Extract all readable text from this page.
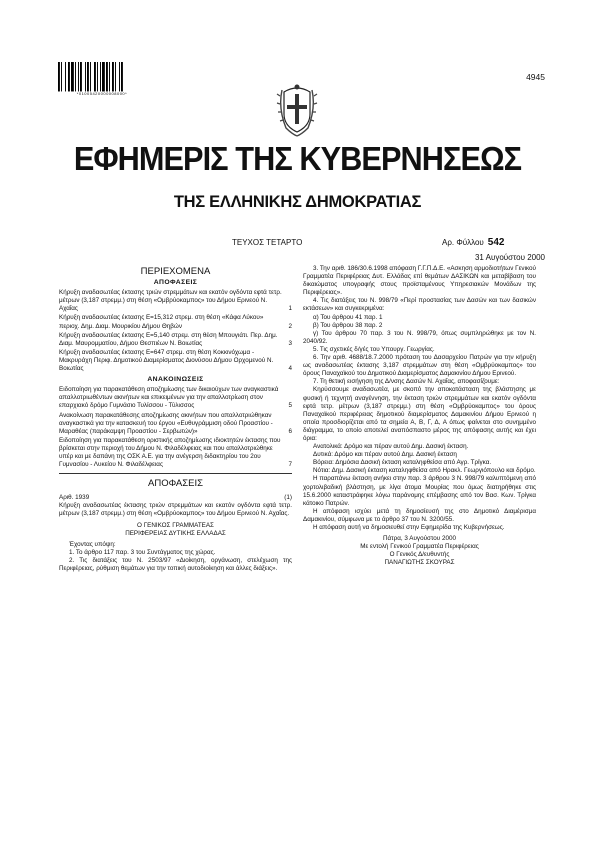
*01005420000008000*
4945
ΕΦΗΜΕΡΙΣ ΤΗΣ ΚΥΒΕΡΝΗΣΕΩΣ
ΤΗΣ ΕΛΛΗΝΙΚΗΣ ΔΗΜΟΚΡΑΤΙΑΣ
ΤΕΥΧΟΣ ΤΕΤΑΡΤΟ	Αρ. Φύλλου 542
31 Αυγούστου 2000
ΠΕΡΙΕΧΟΜΕΝΑ
ΑΠΟΦΑΣΕΙΣ
Κήρυξη αναδασωτέας έκτασης τριών στρεμμάτων και εκατόν ογδόντα εφτά τετρ. μέτρων (3,187 στρεμμ.) στη θέση «Ομβρύοκαμπος» του Δήμου Ερινεού Ν. Αχαΐας	1
Κήρυξη αναδασωτέας έκτασης Ε=15,312 στρεμ. στη θέση «Κάφα Λύκου» περιοχ. Δημ. Διαμ. Μουρικίου Δήμου Θηβών	2
Κήρυξη αναδασωτέας έκτασης Ε=5,140 στρεμ. στη θέση Μπουγιάτι. Περ. Δημ. Διαμ. Μαυρομματίου, Δήμου Θεσπιέων Ν. Βοιωτίας	3
Κήρυξη αναδασωτέας έκτασης Ε=647 στρεμ. στη θέση Κοκκινόχωμα - Μακρυράχη Περιφ. Δημοτικού Διαμερίσματος Διονύσου Δήμου Ορχομενού Ν. Βοιωτίας	4
ΑΝΑΚΟΙΝΩΣΕΙΣ
Ειδοποίηση για παρακατάθεση αποζημίωσης των δικαιούχων των αναγκαστικά απαλλοτριωθέντων ακινήτων και επικειμένων για την απαλλοτρίωση στον επαρχιακό δρόμο Γυμνάσιο Τυλίσσου - Τύλισσος	5
Ανακοίνωση παρακατάθεσης αποζημίωσης ακινήτων που απαλλοτριώθηκαν αναγκαστικά για την κατασκευή του έργου «Ευθυγράμμιση οδού Προαστίου - Μαραθέας (παράκαμψη Προαστίου - Σερβωτών)»	6
Ειδοποίηση για παρακατάθεση οριστικής αποζημίωσης ιδιοκτητών έκτασης που βρίσκεται στην περιοχή του Δήμου Ν. Φιλαδέλφειας και που απαλλοτριώθηκε υπέρ και με δαπάνη της ΟΣΚ Α.Ε. για την ανέγερση διδακτηρίου του 2ου Γυμνασίου - Λυκείου Ν. Φιλαδέλφειας	7
ΑΠΟΦΑΣΕΙΣ
Αριθ. 1939	(1)

Κήρυξη αναδασωτέας έκτασης τριών στρεμμάτων και εκατόν ογδόντα εφτά τετρ. μέτρων (3,187 στρεμμ.) στη θέση «Ομβρύοκαμπος» του Δήμου Ερινεού Ν. Αχαΐας.

Ο ΓΕΝΙΚΟΣ ΓΡΑΜΜΑΤΕΑΣ

ΠΕΡΙΦΕΡΕΙΑΣ ΔΥΤΙΚΗΣ ΕΛΛΑΔΑΣ

Έχοντας υπόψη:

1. Το άρθρο 117 παρ. 3 του Συντάγματος της χώρας.

2. Τις διατάξεις του Ν. 2503/97 «Διοίκηση, οργάνωση, στελέχωση της Περιφέρειας, ρύθμιση θεμάτων για την τοπική αυτοδιοίκηση και άλλες διάξεις».

3. Την αριθ. 186/30.6.1998 απόφαση Γ.Γ.Π.Δ.Ε. «Ασκηση αρμοδιοτήτων Γενικού Γραμματέα Περιφέρειας Δυτ. Ελλάδας επί θεμάτων ΔΑΣΙΚΩΝ και μεταβίβαση του δικαιώματος υπογραφής στους προϊσταμένους Υπηρεσιακών Μονάδων της Περιφέρειας».

4. Τις διατάξεις του Ν. 998/79 «Περί προστασίας των Δασών και των δασικών εκτάσεων» και συγκεκριμένα:

α) Του άρθρου 41 παρ. 1

β) Του άρθρου 38 παρ. 2

γ) Του άρθρου 70 παρ. 3 του Ν. 998/79, όπως συμπληρώθηκε με τον Ν. 2040/92.

5. Τις σχετικές δ/γές του Υπουργ. Γεωργίας.

6. Την αριθ. 4688/18.7.2000 πρόταση του Δασαρχείου Πατρών για την κήρυξη ως αναδασωτέας έκτασης 3,187 στρεμμάτων στη θέση «Ομβρύοκαμπος» του όρους Παναχαϊκού του Δημοτικού Διαμερίσματος Δαμακινίου Δήμου Ερινεού.

7. Τη θετική εισήγηση της Δ/νσης Δασών Ν. Αχαΐας, αποφασίζουμε:

Κηρύσσουμε αναδασωτέα, με σκοπό την αποκατάσταση της βλάστησης με φυσική ή τεχνητή αναγέννηση, την έκταση τριών στρεμμάτων και εκατόν ογδόντα εφτά τετρ. μέτρων (3,187 στρεμμ.) στη θέση «Ομβρύοκαμπος» του όρους Παναχαϊκού περιφέρειας δημοτικού διαμερίσματος Δαμακινίου Δήμου Ερινεού η οποία προσδιορίζεται από τα σημεία Α, Β, Γ, Δ, Α όπως φαίνεται στο συνημμένο διάγραμμα, το οποίο αποτελεί αναπόσπαστο μέρος της απόφασης αυτής και έχει όρια:

Ανατολικά: Δρόμο και πέραν αυτού Δημ. Δασική έκταση.

Δυτικά: Δρόμο και πέραν αυτού Δημ. Δασική έκταση

Βόρεια: Δημόσια Δασική έκταση καταληφθείσα από Αγρ. Τρίγκα.

Νότια: Δημ. Δασική έκταση καταληφθείσα από Ηρακλ. Γεωργιόπουλο και δρόμο.

Η παραπάνω έκταση ανήκει στην παρ. 3 άρθρου 3 Ν. 998/79 καλυπτόμενη από χορτολιβαδική βλάστηση, με λίγα άτομα Μουρίας που όμως διατηρήθηκε στις 15.6.2000 καταστράφηκε λόγω παράνομης επέμβασης από τον Βασ. Κων. Τρίγκα κάτοικο Πατρών.

Η απόφαση ισχύει μετά τη δημοσίευσή της στο Δημοτικό Διαμέρισμα Δαμακινίου, σύμφωνα με το άρθρο 37 του Ν. 3200/55.

Η απόφαση αυτή να δημοσιευθεί στην Εφημερίδα της Κυβερνήσεως.

Πάτρα, 3 Αυγούστου 2000

Με εντολή Γενικού Γραμματέα Περιφέρειας

Ο Γενικός Δ/ευθυντής

ΠΑΝΑΓΙΩΤΗΣ ΣΚΟΥΡΑΣ
